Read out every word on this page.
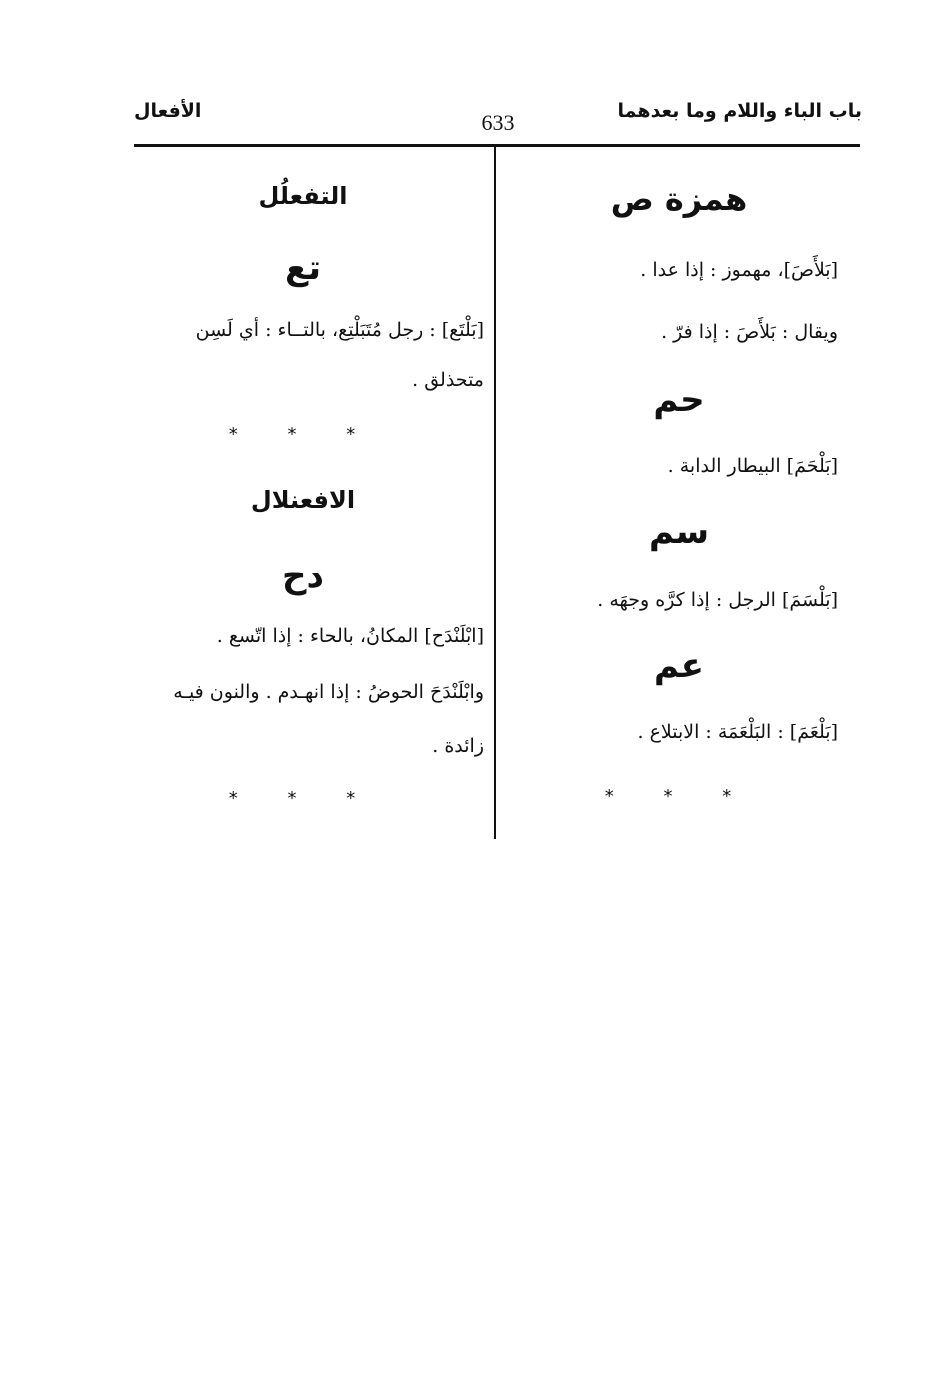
باب الباء واللام وما بعدهما
633
الأفعال
همزة ص

[بَلأَصَ]، مهموز : إذا عدا .

ويقال : بَلأَصَ : إذا فرّ .

حم

[بَلْحَمَ] البيطار الدابة .

سم

[بَلْسَمَ] الرجل : إذا كرَّه وجهَه .

عم

[بَلْعَمَ] : البَلْعَمَة : الابتلاع .

* * *
التفعلُل
تع

[بَلْتَع] : رجل مُتَبَلْتِع، بالتــاء : أي لَسِن

متحذلق .

* * *
الافعنلال
دح

[ابْلَنْدَح] المكانُ، بالحاء : إذا اتّسع .

وابْلَنْدَحَ الحوضُ : إذا انهـدم . والنون فيـه

زائدة .

* * *
